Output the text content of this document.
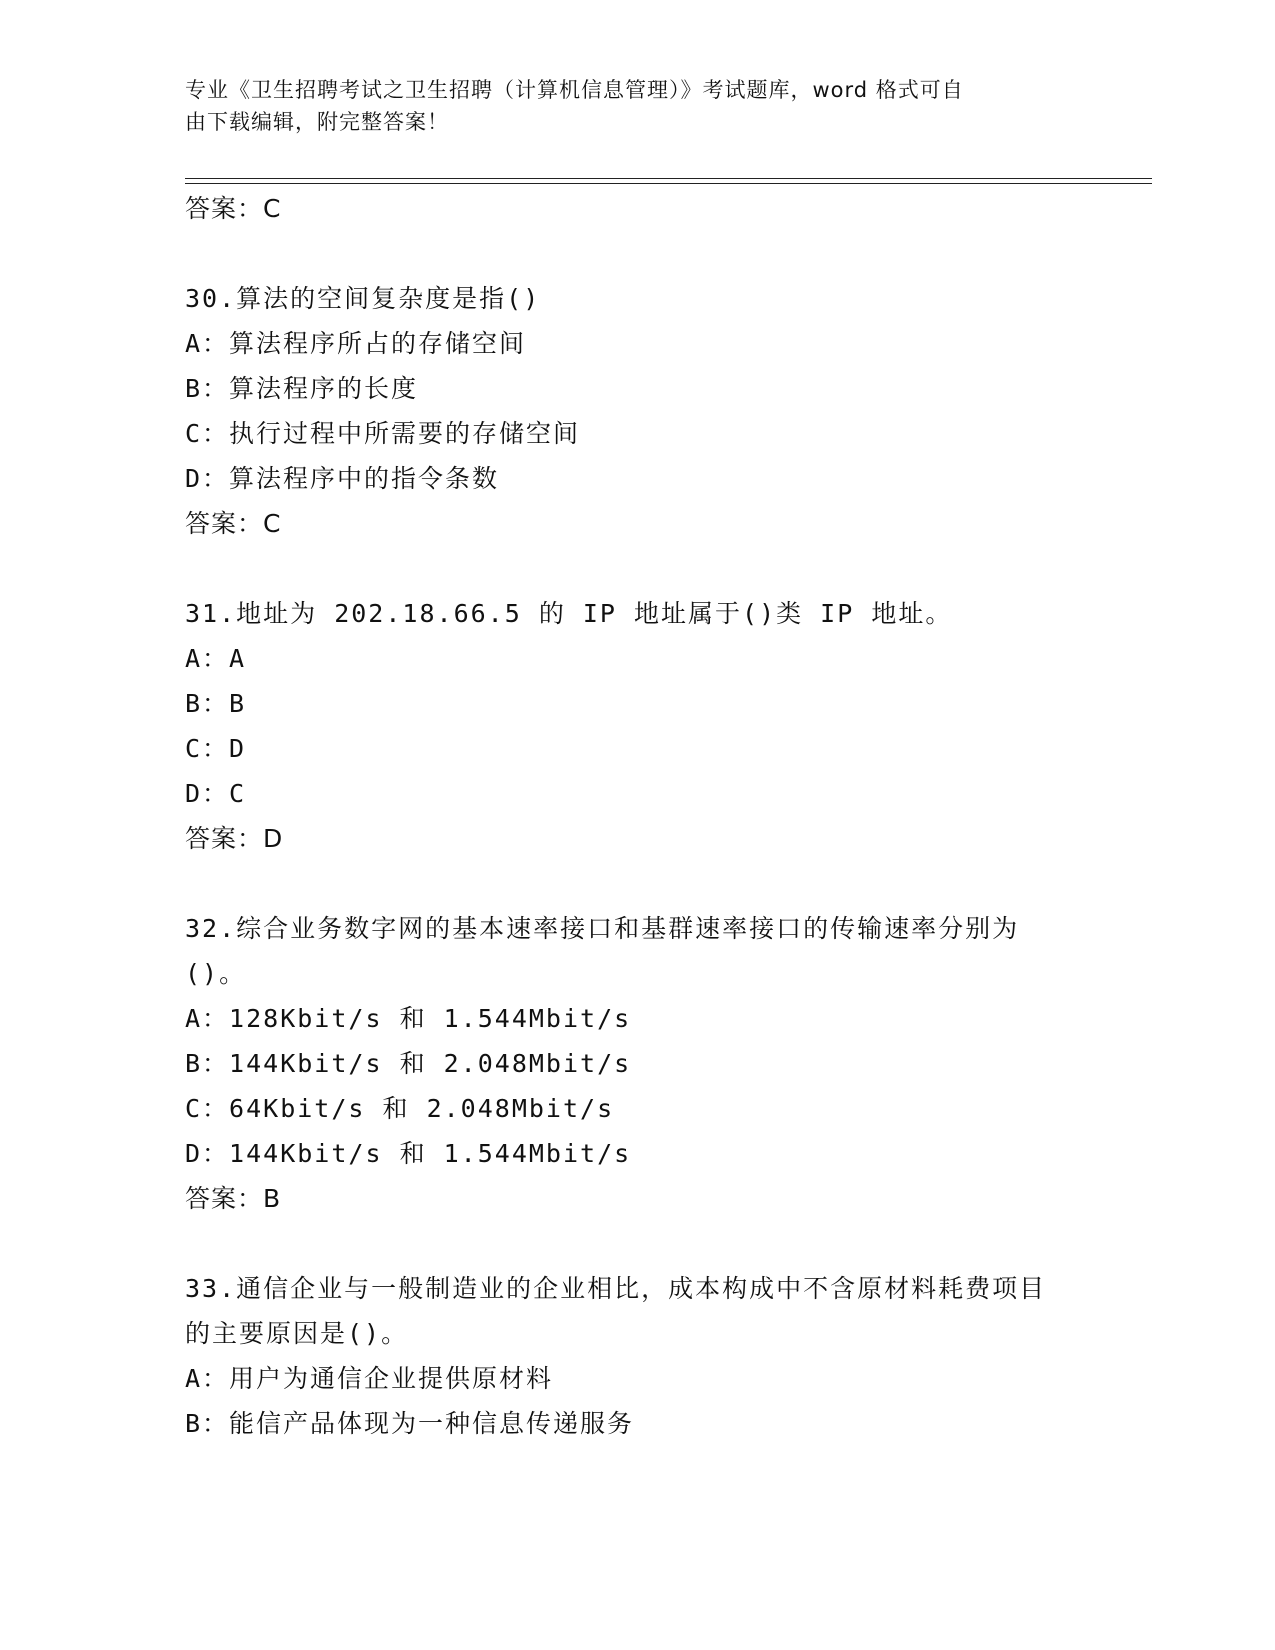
专业《卫生招聘考试之卫生招聘（计算机信息管理）》考试题库，word 格式可自
由下载编辑，附完整答案！
答案：C
30.算法的空间复杂度是指()
A：算法程序所占的存储空间
B：算法程序的长度
C：执行过程中所需要的存储空间
D：算法程序中的指令条数
答案：C
31.地址为 202.18.66.5 的 IP 地址属于()类 IP 地址。
A：A
B：B
C：D
D：C
答案：D
32.综合业务数字网的基本速率接口和基群速率接口的传输速率分别为()。
A：128Kbit/s 和 1.544Mbit/s
B：144Kbit/s 和 2.048Mbit/s
C：64Kbit/s 和 2.048Mbit/s
D：144Kbit/s 和 1.544Mbit/s
答案：B
33.通信企业与一般制造业的企业相比，成本构成中不含原材料耗费项目的主要原因是()。
A：用户为通信企业提供原材料
B：能信产品体现为一种信息传递服务
